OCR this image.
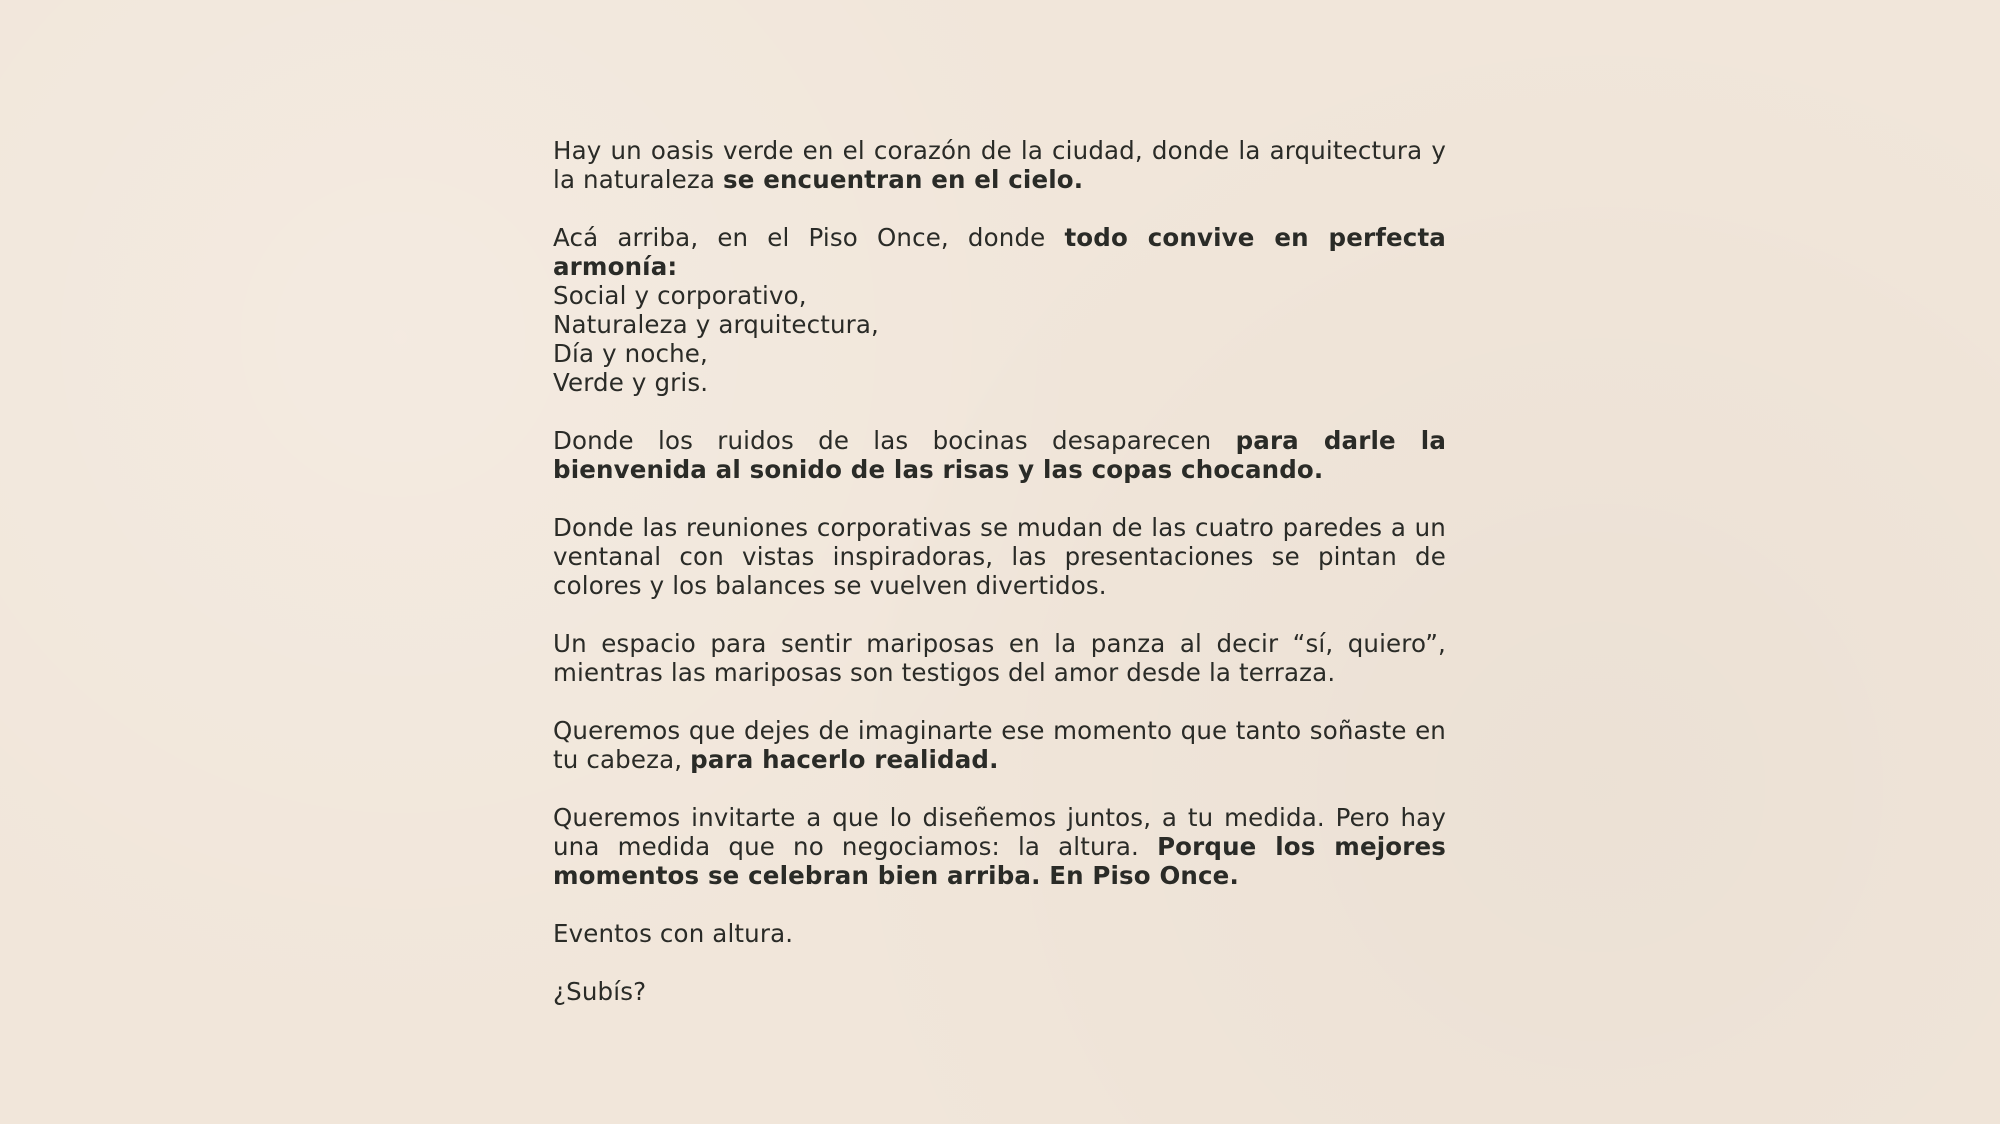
Hay un oasis verde en el corazón de la ciudad, donde la arquitectura y la naturaleza se encuentran en el cielo.

Acá arriba, en el Piso Once, donde todo convive en perfecta armonía:
Social y corporativo,
Naturaleza y arquitectura,
Día y noche,
Verde y gris.

Donde los ruidos de las bocinas desaparecen para darle la bienvenida al sonido de las risas y las copas chocando.

Donde las reuniones corporativas se mudan de las cuatro paredes a un ventanal con vistas inspiradoras, las presentaciones se pintan de colores y los balances se vuelven divertidos.

Un espacio para sentir mariposas en la panza al decir “sí, quiero”, mientras las mariposas son testigos del amor desde la terraza.

Queremos que dejes de imaginarte ese momento que tanto soñaste en tu cabeza, para hacerlo realidad.

Queremos invitarte a que lo diseñemos juntos, a tu medida. Pero hay una medida que no negociamos: la altura. Porque los mejores momentos se celebran bien arriba. En Piso Once.

Eventos con altura.

¿Subís?
